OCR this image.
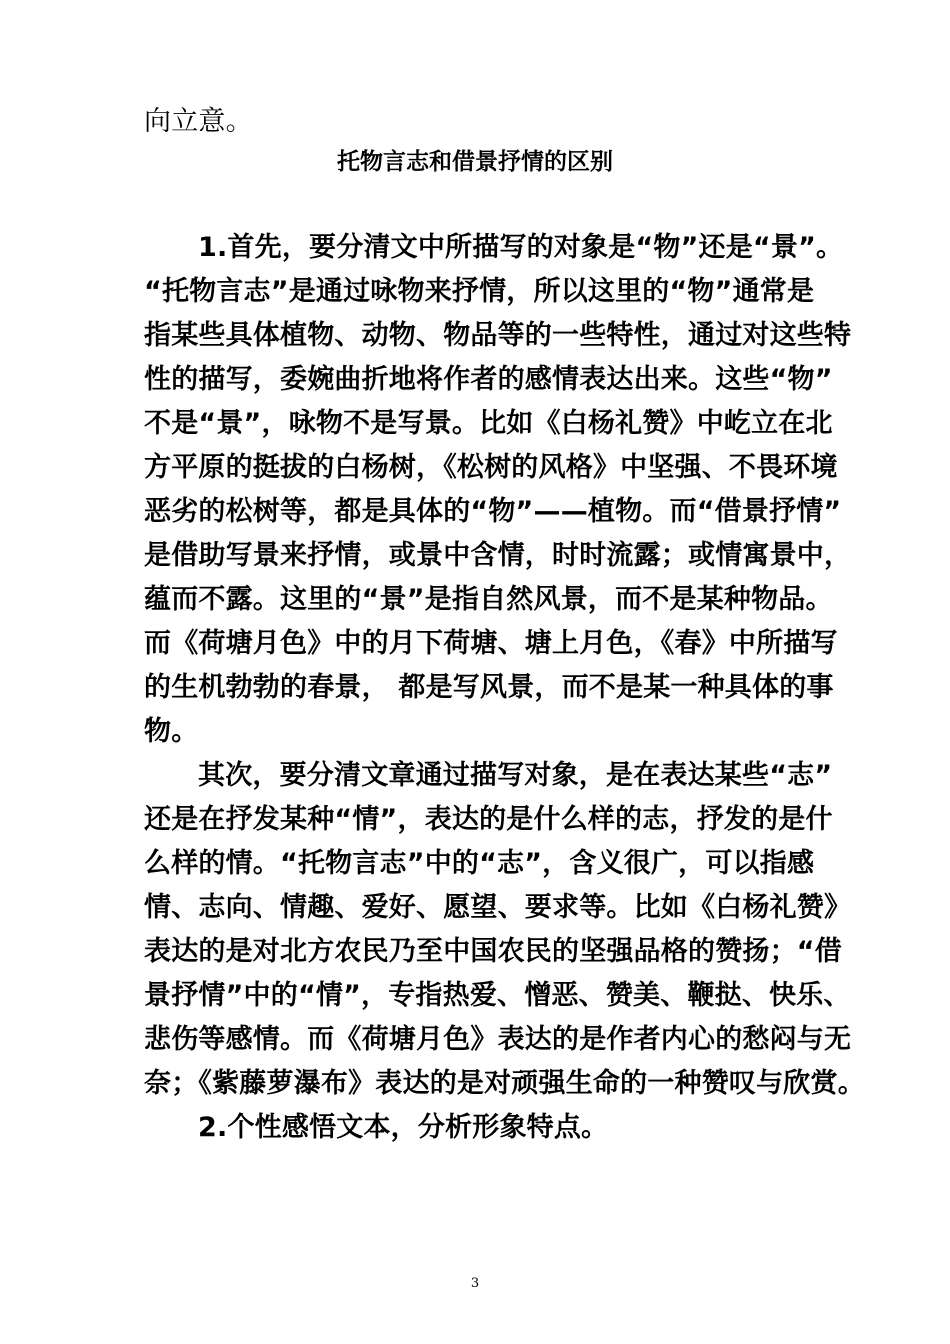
向立意。
托物言志和借景抒情的区别
1.首先，要分清文中所描写的对象是“物”还是“景”。
“托物言志”是通过咏物来抒情，所以这里的“物”通常是
指某些具体植物、动物、物品等的一些特性，通过对这些特
性的描写，委婉曲折地将作者的感情表达出来。这些“物”
不是“景”，咏物不是写景。比如《白杨礼赞》中屹立在北
方平原的挺拔的白杨树，《松树的风格》中坚强、不畏环境
恶劣的松树等，都是具体的“物”——植物。而“借景抒情”
是借助写景来抒情，或景中含情，时时流露；或情寓景中，
蕴而不露。这里的“景”是指自然风景，而不是某种物品。
而《荷塘月色》中的月下荷塘、塘上月色，《春》中所描写
的生机勃勃的春景， 都是写风景，而不是某一种具体的事
物。
其次，要分清文章通过描写对象，是在表达某些“志”
还是在抒发某种“情”，表达的是什么样的志，抒发的是什
么样的情。“托物言志”中的“志”，含义很广，可以指感
情、志向、情趣、爱好、愿望、要求等。比如《白杨礼赞》
表达的是对北方农民乃至中国农民的坚强品格的赞扬；“借
景抒情”中的“情”，专指热爱、憎恶、赞美、鞭挞、快乐、
悲伤等感情。而《荷塘月色》表达的是作者内心的愁闷与无
奈；《紫藤萝瀑布》表达的是对顽强生命的一种赞叹与欣赏。
2.个性感悟文本，分析形象特点。
3
